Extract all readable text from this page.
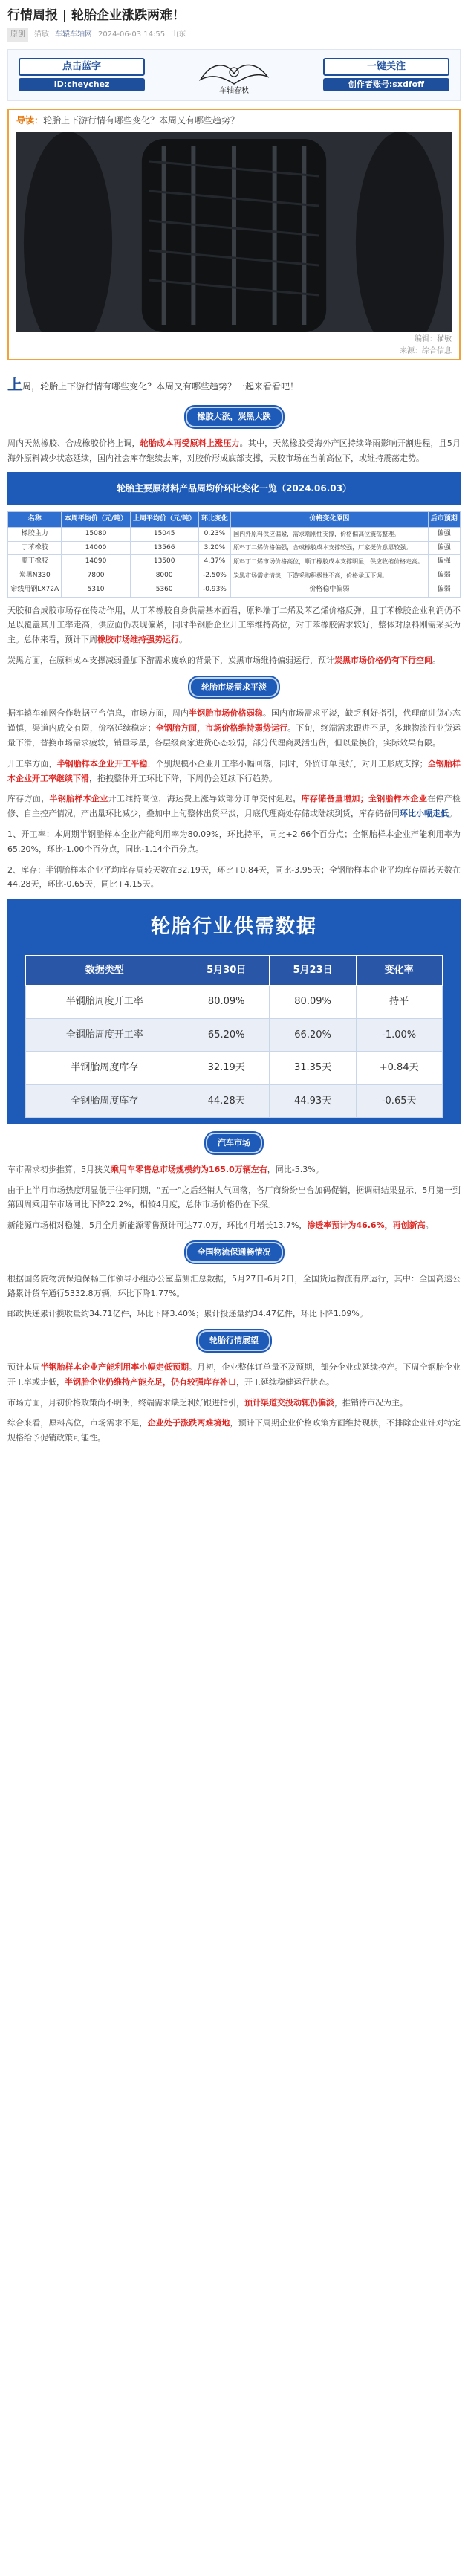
行情周报 | 轮胎企业涨跌两难！
原创	猫敏 车辕车轴网 2024-06-03 14:55 山东
点击蓝字
ID:cheychez
车轴春秋
一键关注
创作者账号:sxdfoff
导读：轮胎上下游行情有哪些变化？本周又有哪些趋势？
编辑：猫敏
来源：综合信息
上周，轮胎上下游行情有哪些变化？本周又有哪些趋势？一起来看看吧！
橡胶大涨，炭黑大跌
周内天然橡胶、合成橡胶价格上调，轮胎成本再受原料上涨压力。其中，天然橡胶受海外产区持续降雨影响开割进程，且5月海外原料减少状态延续，国内社会库存继续去库，对胶价形成底部支撑，天胶市场在当前高位下，或维持震荡走势。
轮胎主要原材料产品周均价环比变化一览（2024.06.03）
名称	本周平均价（元/吨）	上周平均价（元/吨）	环比变化	价格变化原因	后市预期
橡胶主力	15080	15045	0.23%	国内外原料供应偏紧，需求端刚性支撑，价格偏高位震荡整理。	偏强
丁苯橡胶	14000	13566	3.20%	原料丁二烯价格偏强，合成橡胶成本支撑较强，厂家挺价意愿较强。	偏强
顺丁橡胶	14090	13500	4.37%	原料丁二烯市场价格高位，顺丁橡胶成本支撑明显，供应收缩价格走高。	偏强
炭黑N330	7800	8000	-2.50%	炭黑市场需求清淡，下游采购积极性不高，价格承压下调。	偏弱
帘线用钢LX72A	5310	5360	-0.93%	价格稳中偏弱	偏弱
天胶和合成胶市场存在传动作用，从丁苯橡胶自身供需基本面看，原料端丁二烯及苯乙烯价格反弹，且丁苯橡胶企业利润仍不足以覆盖其开工率走高，供应面仍表现偏紧，同时半钢胎企业开工率维持高位，对丁苯橡胶需求较好，整体对原料刚需采买为主。总体来看，预计下周橡胶市场维持强势运行。
炭黑方面，在原料成本支撑减弱叠加下游需求疲软的背景下，炭黑市场维持偏弱运行，预计炭黑市场价格仍有下行空间。
轮胎市场需求平淡
据车辕车轴网合作数据平台信息，市场方面，周内半钢胎市场价格弱稳。国内市场需求平淡，缺乏利好指引，代理商进货心态谨慎，渠道内成交有限，价格延续稳定；全钢胎方面，市场价格维持弱势运行。下旬，终端需求跟进不足，多地物流行业货运量下滑，替换市场需求疲软，销量零星，各层级商家进货心态较弱，部分代理商灵活出货，但以量换价，实际效果有限。
开工率方面，半钢胎样本企业开工平稳，个别规模小企业开工率小幅回落，同时，外贸订单良好，对开工形成支撑；全钢胎样本企业开工率继续下滑，拖拽整体开工环比下降，下周仍会延续下行趋势。
库存方面，半钢胎样本企业开工维持高位，海运费上涨导致部分订单交付延迟，库存储备量增加；全钢胎样本企业在停产检修、自主控产情况，产出量环比减少，叠加中上旬整体出货平淡，月底代理商处存储或陆续到货，库存储备同环比小幅走低。
1、开工率：本周期半钢胎样本企业产能利用率为80.09%，环比持平，同比+2.66个百分点；全钢胎样本企业产能利用率为65.20%，环比-1.00个百分点，同比-1.14个百分点。
2、库存：半钢胎样本企业平均库存周转天数在32.19天，环比+0.84天，同比-3.95天；全钢胎样本企业平均库存周转天数在44.28天，环比-0.65天，同比+4.15天。
轮胎行业供需数据
数据类型	5月30日	5月23日	变化率
半钢胎周度开工率	80.09%	80.09%	持平
全钢胎周度开工率	65.20%	66.20%	-1.00%
半钢胎周度库存	32.19天	31.35天	+0.84天
全钢胎周度库存	44.28天	44.93天	-0.65天
汽车市场
车市需求初步推算，5月狭义乘用车零售总市场规模约为165.0万辆左右，同比-5.3%。
由于上半月市场热度明显低于往年同期，“五一”之后经销人气回落，各厂商纷纷出台加码促销，据调研结果显示，5月第一到第四周乘用车市场同比下降22.2%，相较4月度，总体市场价格仍在下探。
新能源市场相对稳健，5月全月新能源零售预计可达77.0万，环比4月增长13.7%，渗透率预计为46.6%，再创新高。
全国物流保通畅情况
根据国务院物流保通保畅工作领导小组办公室监测汇总数据，5月27日-6月2日，全国货运物流有序运行，其中：全国高速公路累计货车通行5332.8万辆，环比下降1.77%。
邮政快递累计揽收量约34.71亿件，环比下降3.40%；累计投递量约34.47亿件，环比下降1.09%。
轮胎行情展望
预计本周半钢胎样本企业产能利用率小幅走低预期。月初，企业整体订单量不及预期，部分企业或延续控产。下周全钢胎企业开工率或走低，半钢胎企业仍维持产能充足，仍有较强库存补口，开工延续稳健运行状态。
市场方面，月初价格政策尚不明朗，终端需求缺乏利好跟进指引，预计渠道交投动辄仍偏淡，推销待市况为主。
综合来看，原料高位，市场需求不足，企业处于涨跌两难境地，预计下周期企业价格政策方面维持现状，不排除企业针对特定规格给予促销政策可能性。
